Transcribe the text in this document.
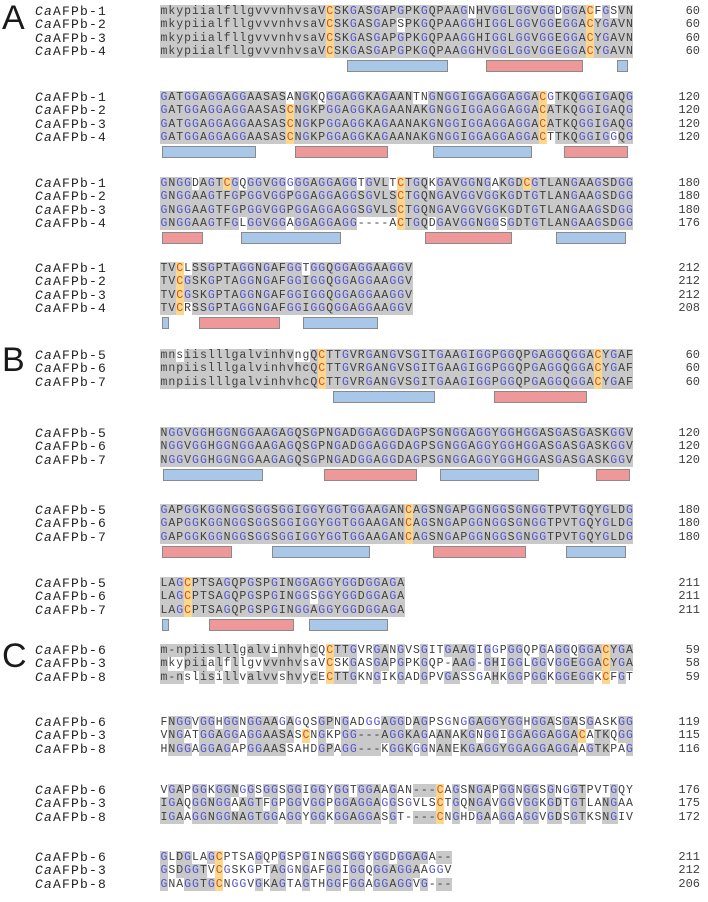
A CaAFPb-1	mkypiialfllgvvvnhvsaVCSKGASGAPGPKGQPAAGNHVGGLGGVGGDGGACFGSVN	60
CaAFPb-2	mkypiialfllgvvvnhvsaVCSKGASGAPSPKGQPAAGGHIGGLGGVGGEGGACYGAVN	60
CaAFPb-3	mkypiialfllgvvvnhvsaVCSKGASGAPGPKGQPAAGGHIGGLGGVGGEGGACYGAVN	60
CaAFPb-4	mkypiialfllgvvvnhvsaVCSKGASGAPGPKGQPAAGGHVGGLGGVGGEGGACYGAVN	60
CaAFPb-1	GATGGAGGAGGAASASANGKQGGAGGKAGAANTNGNGGIGGAGGAGGACGTKQGGIGAQG	120
CaAFPb-2	GATGGAGGAGGAASASCNGKPGGAGGKAGAANAKGNGGIGGAGGAGGACATKQGGIGAQG	120
CaAFPb-3	GATGGAGGAGGAASASCNGKPGGAGGKAGAANAKGNGGIGGAGGAGGACATKQGGIGAQG	120
CaAFPb-4	GATGGAGGAGGAASASCNGKPGGAGGKAGAANAKGNGGIGGAGGAGGACTTKQGGIGGQG	120
CaAFPb-1	GNGGDAGTCGQGGVGGGGGAGGAGGTGVLTCTGQKGAVGGNGAKGDCGTLANGAAGSDGG	180
CaAFPb-2	GNGGAAGTFGPGGVGGPGGAGGAGGSGVLSCTGQNGAVGGVGGKGDTGTLANGAAGSDGG	180
CaAFPb-3	GNGGAAGTFGPGGVGGPGGAGGAGGSGVLSCTGQNGAVGGVGGKGDTGTLANGAAGSDGG	180
CaAFPb-4	GNGGAAGTFGLGGVGGAGGAGGAGG----ACTGQDGAVGGNGGSGDTGTLANGAAGSDGG	176
CaAFPb-1	TVCLSSGPTAGGNGAFGGTGGQGGAGGAAGGV	212
CaAFPb-2	TVCGSKGPTAGGNGAFGGIGGQGGAGGAAGGV	212
CaAFPb-3	TVCGSKGPTAGGNGAFGGIGGQGGAGGAAGGV	212
CaAFPb-4	TVCRSSGPTAGGNGAFGGIGGQGGAGGAAGGV	208
B CaAFPb-5	mnsiislllgalvinhvngQCTTGVRGANGVSGITGAAGIGGPGGQPGAGGQGGACYGAF	60
CaAFPb-6	mnpiislllgalvinhvhcQCTTGVRGANGVSGITGAAGIGGPGGQPGAGGQGGACYGAF	60
CaAFPb-7	mnpiislllgalvinhvhcQCTTGVRGANGVSGITGAAGIGGPGGQPGAGGQGGACYGAF	60
CaAFPb-5	NGGVGGHGGNGGAAGAGQSGPNGADGGAGGDAGPSGNGGAGGYGGHGGASGASGASKGGV	120
CaAFPb-6	NGGVGGHGGNGGAAGAGQSGPNGADGGAGGDAGPSGNGGAGGYGGHGGASGASGASKGGV	120
CaAFPb-7	NGGVGGHGGNGGAAGAGQSGPNGADGGAGGDAGPSGNGGAGGYGGHGGASGASGASKGGV	120
CaAFPb-5	GAPGGKGGNGGSGGSGGIGGYGGTGGAAGANCAGSNGAPGGNGGSGNGGTPVTGQYGLDG	180
CaAFPb-6	GAPGGKGGNGGSGGSGGIGGYGGTGGAAGANCAGSNGAPGGNGGSGNGGTPVTGQYGLDG	180
CaAFPb-7	GAPGGKGGNGGSGGSGGIGGYGGTGGAAGANCAGSNGAPGGNGGSGNGGTPVTGQYGLDG	180
CaAFPb-5	LAGCPTSAGQPGSPGINGGAGGYGGDGGAGA	211
CaAFPb-6	LAGCPTSAGQPGSPGINGGSGGYGGDGGAGA	211
CaAFPb-7	LAGCPTSAGQPGSPGINGGAGGYGGDGGAGA	211
C CaAFPb-6	m-npiislllgalvinhvhcQCTTGVRGANGVSGITGAAGIGGPGGQPGAGGQGGACYGA	59
CaAFPb-3	mkypiialfllgvvvnhvsaVCSKGASGAPGPKGQP-AAG-GHIGGLGGVGGEGGACYGA	58
CaAFPb-8	m-nslisillvalvvshvycECTTGKNGIKGADGPVGASSGAHKGGPGGKGGEGGKCFGT	59
CaAFPb-6	FNGGVGGHGGNGGAAGAGQSGPNGADGGAGGDAGPSGNGGAGGYGGHGGASGASGASKGG	119
CaAFPb-3	VNGATGGAGGAGGAASASCNGKPGG---AGGKAGAANAKGNGGIGGAGGAGGACATKQGG	115
CaAFPb-8	HNGGAGGAGAPGGAASSAHDGPAGG---KGGKGGNANEKGAGGYGGAGGAGGAAGTKPAG	116
CaAFPb-6	VGAPGGKGGNGGSGGSGGIGGYGGTGGAAGAN---CAGSNGAPGGNGGSGNGGTPVTGQY	176
CaAFPb-3	IGAQGGNGGAAGTFGPGGVGGPGGAGGAGGSGVLSCTGQNGAVGGVGGKGDTGTLANGAA	175
CaAFPb-8	IGAAGGNGGNAGTGGAGGYGGKGGAGGASGT----CNGHDGAAGGAGGVGDSGTKSNGIV	172
CaAFPb-6	GLDGLAGCPTSAGQPGSPGINGGSGGYGGDGGAGA--	211
CaAFPb-3	GSDGGTVCGSKGPTAGGNGAFGGIGGQGGAGGAAGGV	212
CaAFPb-8	GNAGGTGCNGGVGKAGTAGTHGGFGGAGGAGGVG---	206
